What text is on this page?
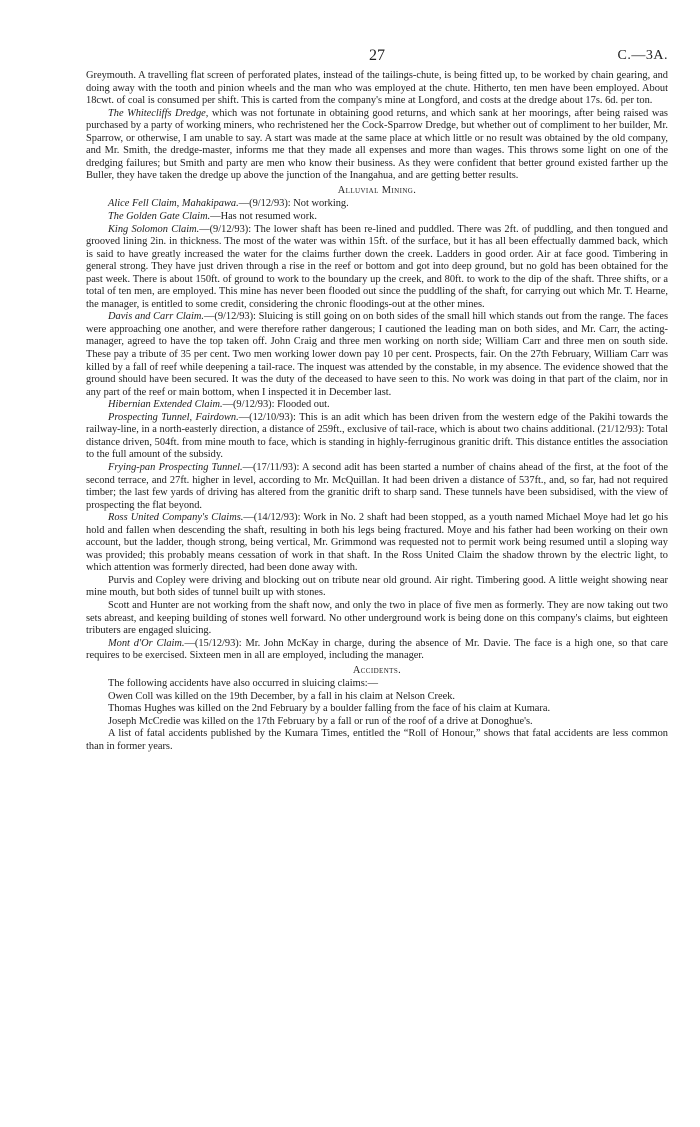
27	C.—3A.

Greymouth. A travelling flat screen of perforated plates, instead of the tailings-chute, is being fitted up, to be worked by chain gearing, and doing away with the tooth and pinion wheels and the man who was employed at the chute. Hitherto, ten men have been employed. About 18cwt. of coal is consumed per shift. This is carted from the company's mine at Longford, and costs at the dredge about 17s. 6d. per ton.

The Whitecliffs Dredge, which was not fortunate in obtaining good returns, and which sank at her moorings, after being raised was purchased by a party of working miners, who rechristened her the Cock-Sparrow Dredge, but whether out of compliment to her builder, Mr. Sparrow, or otherwise, I am unable to say. A start was made at the same place at which little or no result was obtained by the old company, and Mr. Smith, the dredge-master, informs me that they made all expenses and more than wages. This throws some light on one of the dredging failures; but Smith and party are men who know their business. As they were confident that better ground existed farther up the Buller, they have taken the dredge up above the junction of the Inangahua, and are getting better results.

Alluvial Mining.

Alice Fell Claim, Mahakipawa.—(9/12/93): Not working.

The Golden Gate Claim.—Has not resumed work.

King Solomon Claim.—(9/12/93): The lower shaft has been re-lined and puddled. There was 2ft. of puddling, and then tongued and grooved lining 2in. in thickness. The most of the water was within 15ft. of the surface, but it has all been effectually dammed back, which is said to have greatly increased the water for the claims further down the creek. Ladders in good order. Air at face good. Timbering in general strong. They have just driven through a rise in the reef or bottom and got into deep ground, but no gold has been obtained for the past week. There is about 150ft. of ground to work to the boundary up the creek, and 80ft. to work to the dip of the shaft. Three shifts, or a total of ten men, are employed. This mine has never been flooded out since the puddling of the shaft, for carrying out which Mr. T. Hearne, the manager, is entitled to some credit, considering the chronic floodings-out at the other mines.

Davis and Carr Claim.—(9/12/93): Sluicing is still going on on both sides of the small hill which stands out from the range. The faces were approaching one another, and were therefore rather dangerous; I cautioned the leading man on both sides, and Mr. Carr, the acting-manager, agreed to have the top taken off. John Craig and three men working on north side; William Carr and three men on south side. These pay a tribute of 35 per cent. Two men working lower down pay 10 per cent. Prospects, fair. On the 27th February, William Carr was killed by a fall of reef while deepening a tail-race. The inquest was attended by the constable, in my absence. The evidence showed that the ground should have been secured. It was the duty of the deceased to have seen to this. No work was doing in that part of the claim, nor in any part of the reef or main bottom, when I inspected it in December last.

Hibernian Extended Claim.—(9/12/93): Flooded out.

Prospecting Tunnel, Fairdown.—(12/10/93): This is an adit which has been driven from the western edge of the Pakihi towards the railway-line, in a north-easterly direction, a distance of 259ft., exclusive of tail-race, which is about two chains additional. (21/12/93): Total distance driven, 504ft. from mine mouth to face, which is standing in highly-ferruginous granitic drift. This distance entitles the association to the full amount of the subsidy.

Frying-pan Prospecting Tunnel.—(17/11/93): A second adit has been started a number of chains ahead of the first, at the foot of the second terrace, and 27ft. higher in level, according to Mr. McQuillan. It had been driven a distance of 537ft., and, so far, had not required timber; the last few yards of driving has altered from the granitic drift to sharp sand. These tunnels have been subsidised, with the view of prospecting the flat beyond.

Ross United Company's Claims.—(14/12/93): Work in No. 2 shaft had been stopped, as a youth named Michael Moye had let go his hold and fallen when descending the shaft, resulting in both his legs being fractured. Moye and his father had been working on their own account, but the ladder, though strong, being vertical, Mr. Grimmond was requested not to permit work being resumed until a sloping way was provided; this probably means cessation of work in that shaft. In the Ross United Claim the shadow thrown by the electric light, to which attention was formerly directed, had been done away with.

Purvis and Copley were driving and blocking out on tribute near old ground. Air right. Timbering good. A little weight showing near mine mouth, but both sides of tunnel built up with stones.

Scott and Hunter are not working from the shaft now, and only the two in place of five men as formerly. They are now taking out two sets abreast, and keeping building of stones well forward. No other underground work is being done on this company's claims, but eighteen tributers are engaged sluicing.

Mont d'Or Claim.—(15/12/93): Mr. John McKay in charge, during the absence of Mr. Davie. The face is a high one, so that care requires to be exercised. Sixteen men in all are employed, including the manager.

Accidents.

The following accidents have also occurred in sluicing claims:—

Owen Coll was killed on the 19th December, by a fall in his claim at Nelson Creek.

Thomas Hughes was killed on the 2nd February by a boulder falling from the face of his claim at Kumara.

Joseph McCredie was killed on the 17th February by a fall or run of the roof of a drive at Donoghue's.

A list of fatal accidents published by the Kumara Times, entitled the “Roll of Honour,” shows that fatal accidents are less common than in former years.
